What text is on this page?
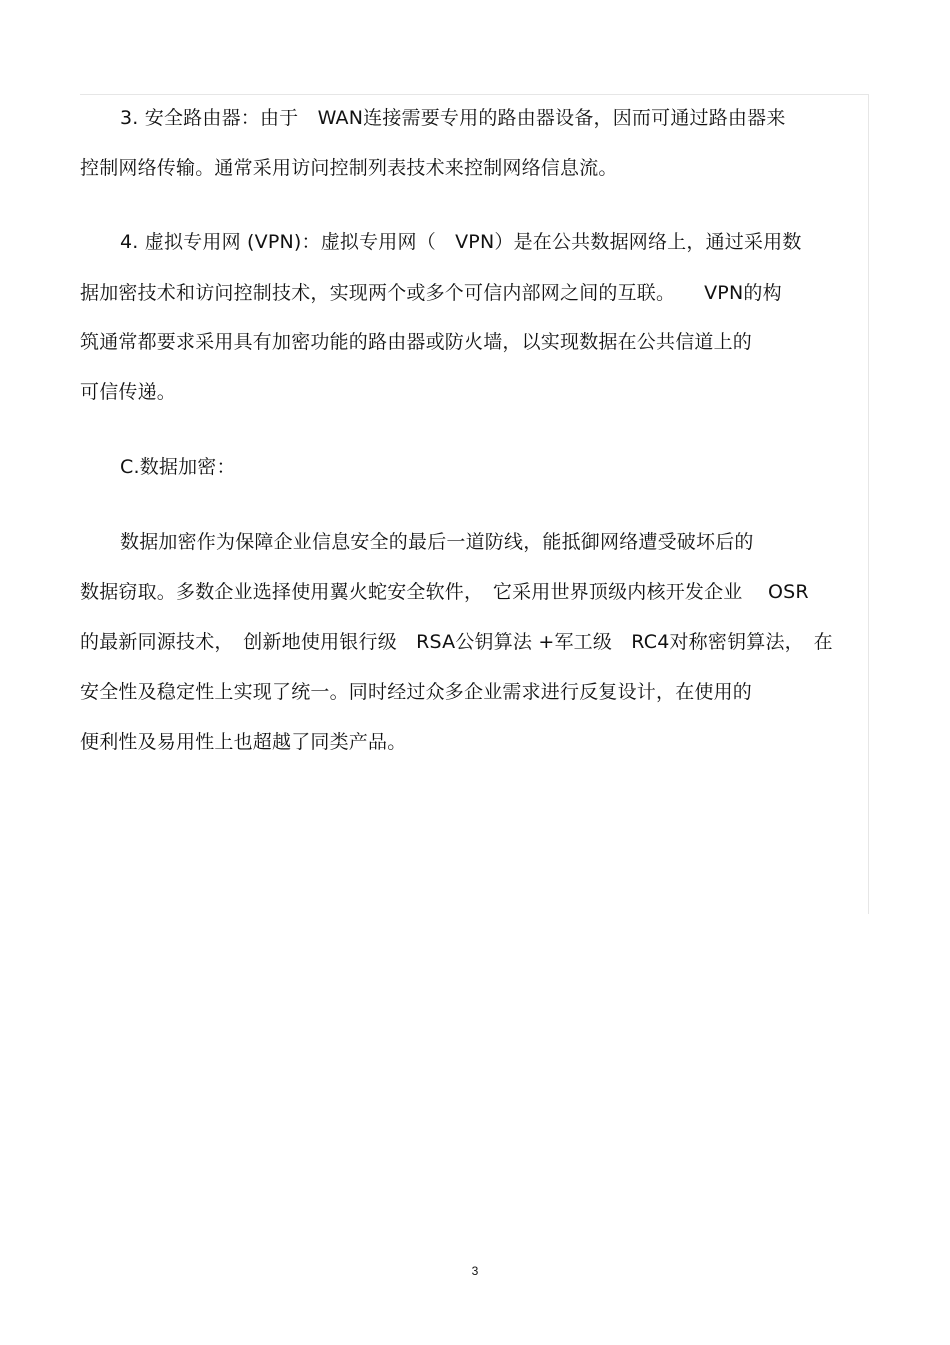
3. 安全路由器：由于　WAN连接需要专用的路由器设备，因而可通过路由器来
控制网络传输。通常采用访问控制列表技术来控制网络信息流。
4. 虚拟专用网 (VPN)：虚拟专用网（　VPN）是在公共数据网络上，通过采用数
据加密技术和访问控制技术，实现两个或多个可信内部网之间的互联。　　VPN的构
筑通常都要求采用具有加密功能的路由器或防火墙，以实现数据在公共信道上的
可信传递。
C.数据加密：
数据加密作为保障企业信息安全的最后一道防线，能抵御网络遭受破坏后的
数据窃取。多数企业选择使用翼火蛇安全软件，　它采用世界顶级内核开发企业　 OSR
的最新同源技术，　创新地使用银行级　RSA公钥算法 +军工级　RC4对称密钥算法，　在
安全性及稳定性上实现了统一。同时经过众多企业需求进行反复设计，在使用的
便利性及易用性上也超越了同类产品。
3
